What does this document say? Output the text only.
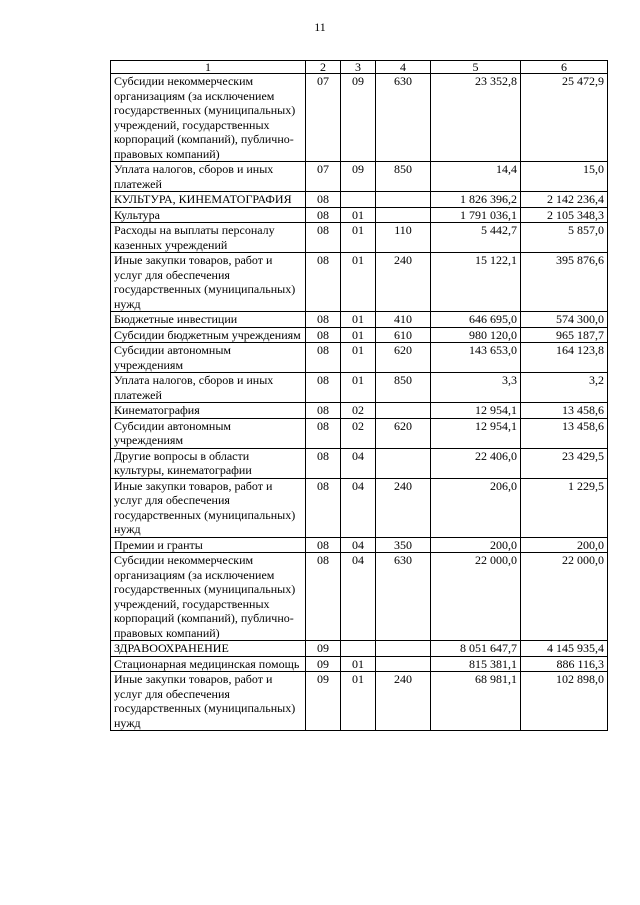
11
1	2	3	4	5	6
Субсидии некоммерческим организациям (за исключением государственных (муниципальных) учреждений, государственных корпораций (компаний), публично-правовых компаний)	07	09	630	23 352,8	25 472,9
Уплата налогов, сборов и иных платежей	07	09	850	14,4	15,0
КУЛЬТУРА, КИНЕМАТОГРАФИЯ	08			1 826 396,2	2 142 236,4
Культура	08	01		1 791 036,1	2 105 348,3
Расходы на выплаты персоналу казенных учреждений	08	01	110	5 442,7	5 857,0
Иные закупки товаров, работ и услуг для обеспечения государственных (муниципальных) нужд	08	01	240	15 122,1	395 876,6
Бюджетные инвестиции	08	01	410	646 695,0	574 300,0
Субсидии бюджетным учреждениям	08	01	610	980 120,0	965 187,7
Субсидии автономным учреждениям	08	01	620	143 653,0	164 123,8
Уплата налогов, сборов и иных платежей	08	01	850	3,3	3,2
Кинематография	08	02		12 954,1	13 458,6
Субсидии автономным учреждениям	08	02	620	12 954,1	13 458,6
Другие вопросы в области культуры, кинематографии	08	04		22 406,0	23 429,5
Иные закупки товаров, работ и услуг для обеспечения государственных (муниципальных) нужд	08	04	240	206,0	1 229,5
Премии и гранты	08	04	350	200,0	200,0
Субсидии некоммерческим организациям (за исключением государственных (муниципальных) учреждений, государственных корпораций (компаний), публично-правовых компаний)	08	04	630	22 000,0	22 000,0
ЗДРАВООХРАНЕНИЕ	09			8 051 647,7	4 145 935,4
Стационарная медицинская помощь	09	01		815 381,1	886 116,3
Иные закупки товаров, работ и услуг для обеспечения государственных (муниципальных) нужд	09	01	240	68 981,1	102 898,0
